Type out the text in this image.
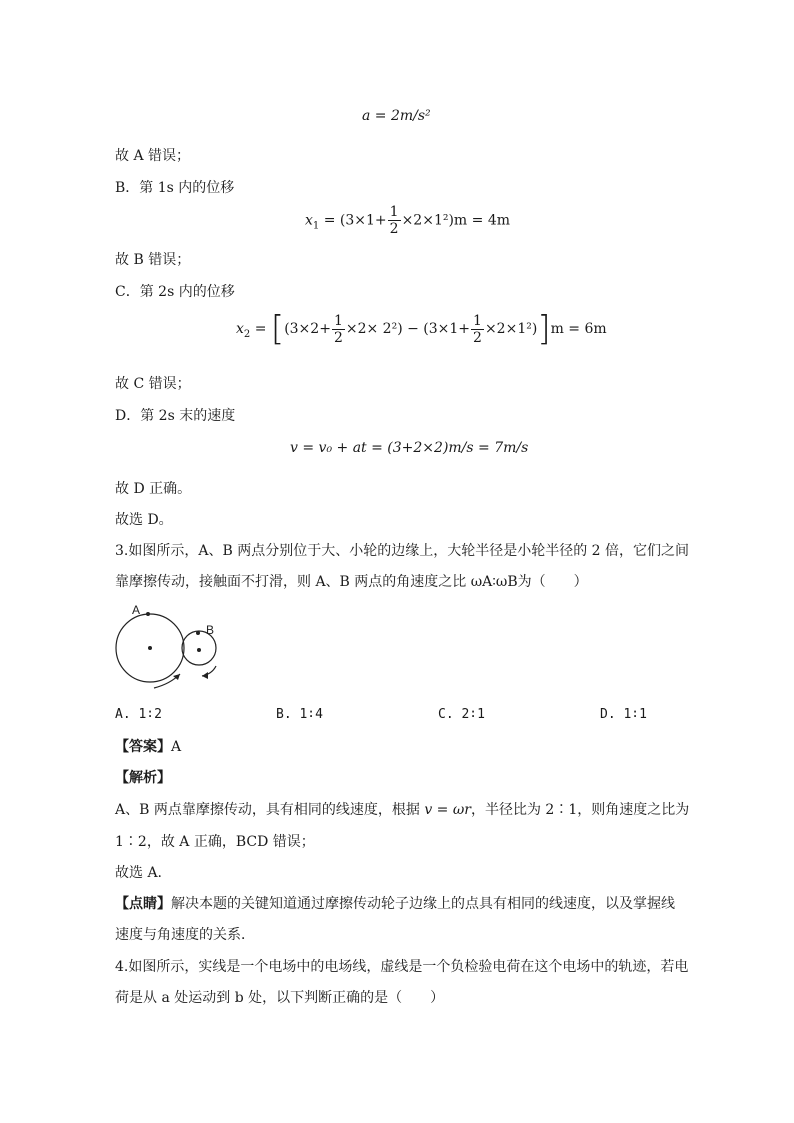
a = 2m/s²
故 A 错误；
B．第 1s 内的位移
$x_1 = (3\times 1+ \frac{1}{2} \times 2\times 1^2)m = 4m$
故 B 错误；
C．第 2s 内的位移
$x_2 = [(3\times 2+ \frac{1}{2} \times 2\times 2^2) - (3\times 1+ \frac{1}{2} \times 2\times 1^2)]m = 6m$
故 C 错误；
D．第 2s 末的速度
v = v₀ + at = (3+2×2)m/s = 7m/s
故 D 正确。
故选 D。
3.如图所示，A、B 两点分别位于大、小轮的边缘上，大轮半径是小轮半径的 2 倍，它们之间
靠摩擦传动，接触面不打滑，则 A、B 两点的角速度之比 ωA∶ωB为（　　）
A
B
A. 1∶2	B. 1∶4	C. 2∶1	D. 1∶1
【答案】A
【解析】
A、B 两点靠摩擦传动，具有相同的线速度，根据 v = ωr，半径比为 2∶1，则角速度之比为
1∶2，故 A 正确，BCD 错误；
故选 A.
【点睛】解决本题的关键知道通过摩擦传动轮子边缘上的点具有相同的线速度，以及掌握线
速度与角速度的关系．
4.如图所示，实线是一个电场中的电场线，虚线是一个负检验电荷在这个电场中的轨迹，若电
荷是从 a 处运动到 b 处，以下判断正确的是（　　）
